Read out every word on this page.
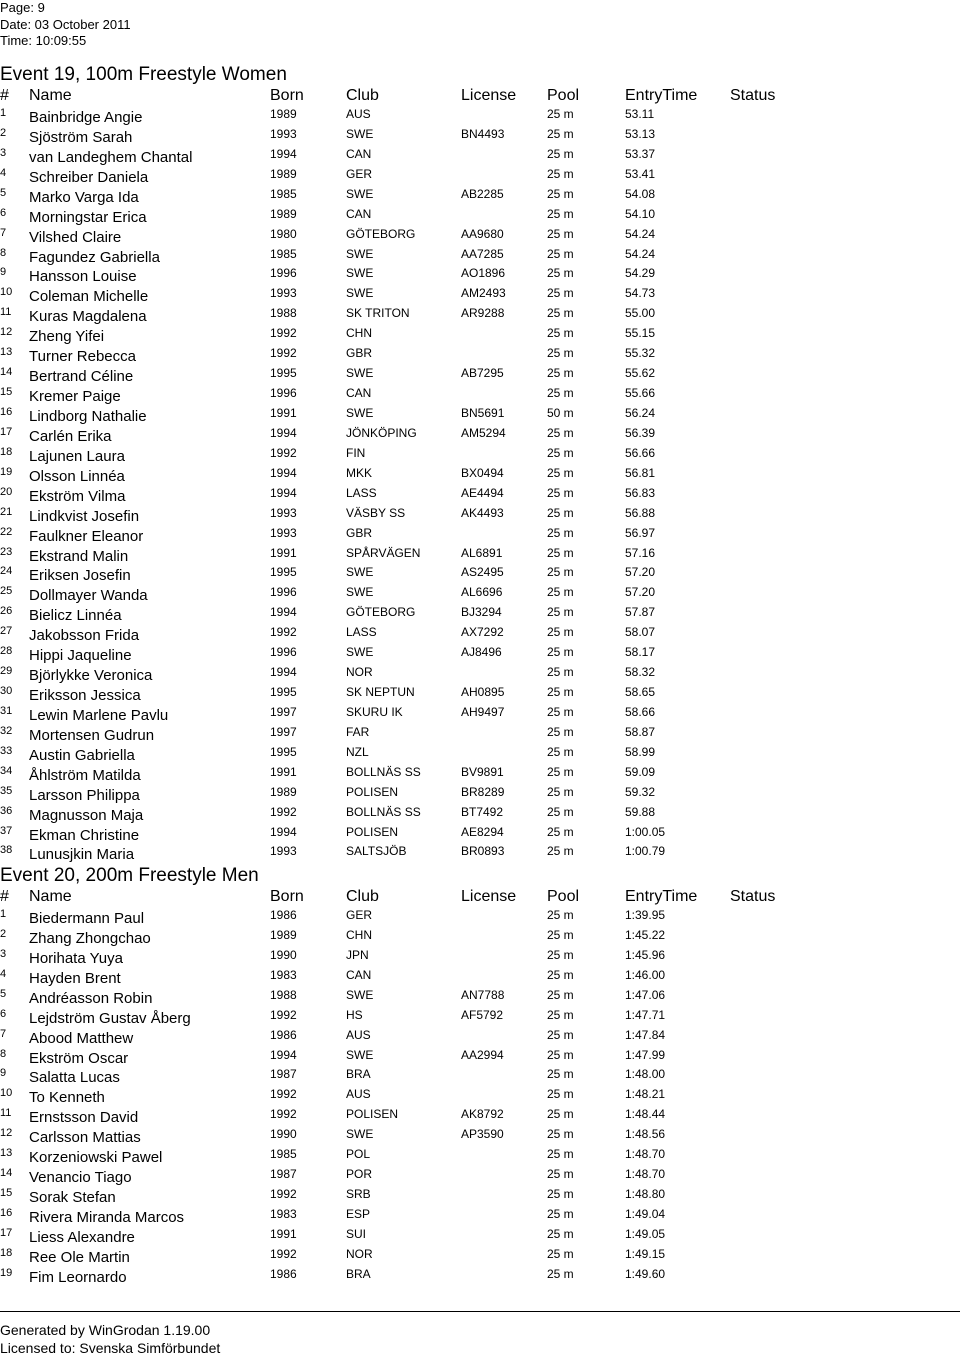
Page: 9
Date: 03 October 2011
Time: 10:09:55
Event 19, 100m Freestyle Women
# Name	Born	Club	License Pool	EntryTime Status
1 Bainbridge Angie	1989	AUS	25 m	53.11
2 Sjöström Sarah	1993	SWE	BN4493	25 m	53.13
3 van Landeghem Chantal	1994	CAN	25 m	53.37
4 Schreiber Daniela	1989	GER	25 m	53.41
5 Marko Varga Ida	1985	SWE	AB2285	25 m	54.08
6 Morningstar Erica	1989	CAN	25 m	54.10
7 Vilshed Claire	1980	GÖTEBORG	AA9680	25 m	54.24
8 Fagundez Gabriella	1985	SWE	AA7285	25 m	54.24
9 Hansson Louise	1996	SWE	AO1896	25 m	54.29
10 Coleman Michelle	1993	SWE	AM2493	25 m	54.73
11 Kuras Magdalena	1988	SK TRITON	AR9288	25 m	55.00
12 Zheng Yifei	1992	CHN	25 m	55.15
13 Turner Rebecca	1992	GBR	25 m	55.32
14 Bertrand Céline	1995	SWE	AB7295	25 m	55.62
15 Kremer Paige	1996	CAN	25 m	55.66
16 Lindborg Nathalie	1991	SWE	BN5691	50 m	56.24
17 Carlén Erika	1994	JÖNKÖPING	AM5294	25 m	56.39
18 Lajunen Laura	1992	FIN	25 m	56.66
19 Olsson Linnéa	1994	MKK	BX0494	25 m	56.81
20 Ekström Vilma	1994	LASS	AE4494	25 m	56.83
21 Lindkvist Josefin	1993	VÄSBY SS	AK4493	25 m	56.88
22 Faulkner Eleanor	1993	GBR	25 m	56.97
23 Ekstrand Malin	1991	SPÅRVÄGEN	AL6891	25 m	57.16
24 Eriksen Josefin	1995	SWE	AS2495	25 m	57.20
25 Dollmayer Wanda	1996	SWE	AL6696	25 m	57.20
26 Bielicz Linnéa	1994	GÖTEBORG	BJ3294	25 m	57.87
27 Jakobsson Frida	1992	LASS	AX7292	25 m	58.07
28 Hippi Jaqueline	1996	SWE	AJ8496	25 m	58.17
29 Björlykke Veronica	1994	NOR	25 m	58.32
30 Eriksson Jessica	1995	SK NEPTUN	AH0895	25 m	58.65
31 Lewin Marlene Pavlu	1997	SKURU IK	AH9497	25 m	58.66
32 Mortensen Gudrun	1997	FAR	25 m	58.87
33 Austin Gabriella	1995	NZL	25 m	58.99
34 Åhlström Matilda	1991	BOLLNÄS SS	BV9891	25 m	59.09
35 Larsson Philippa	1989	POLISEN	BR8289	25 m	59.32
36 Magnusson Maja	1992	BOLLNÄS SS	BT7492	25 m	59.88
37 Ekman Christine	1994	POLISEN	AE8294	25 m	1:00.05
38 Lunusjkin Maria	1993	SALTSJÖB	BR0893	25 m	1:00.79
Event 20, 200m Freestyle Men
# Name	Born	Club	License Pool	EntryTime Status
1 Biedermann Paul	1986	GER	25 m	1:39.95
2 Zhang Zhongchao	1989	CHN	25 m	1:45.22
3 Horihata Yuya	1990	JPN	25 m	1:45.96
4 Hayden Brent	1983	CAN	25 m	1:46.00
5 Andréasson Robin	1988	SWE	AN7788	25 m	1:47.06
6 Lejdström Gustav Åberg	1992	HS	AF5792	25 m	1:47.71
7 Abood Matthew	1986	AUS	25 m	1:47.84
8 Ekström Oscar	1994	SWE	AA2994	25 m	1:47.99
9 Salatta Lucas	1987	BRA	25 m	1:48.00
10 To Kenneth	1992	AUS	25 m	1:48.21
11 Ernstsson David	1992	POLISEN	AK8792	25 m	1:48.44
12 Carlsson Mattias	1990	SWE	AP3590	25 m	1:48.56
13 Korzeniowski Pawel	1985	POL	25 m	1:48.70
14 Venancio Tiago	1987	POR	25 m	1:48.70
15 Sorak Stefan	1992	SRB	25 m	1:48.80
16 Rivera Miranda Marcos	1983	ESP	25 m	1:49.04
17 Liess Alexandre	1991	SUI	25 m	1:49.05
18 Ree Ole Martin	1992	NOR	25 m	1:49.15
19 Fim Leornardo	1986	BRA	25 m	1:49.60
Generated by WinGrodan 1.19.00
Licensed to: Svenska Simförbundet
